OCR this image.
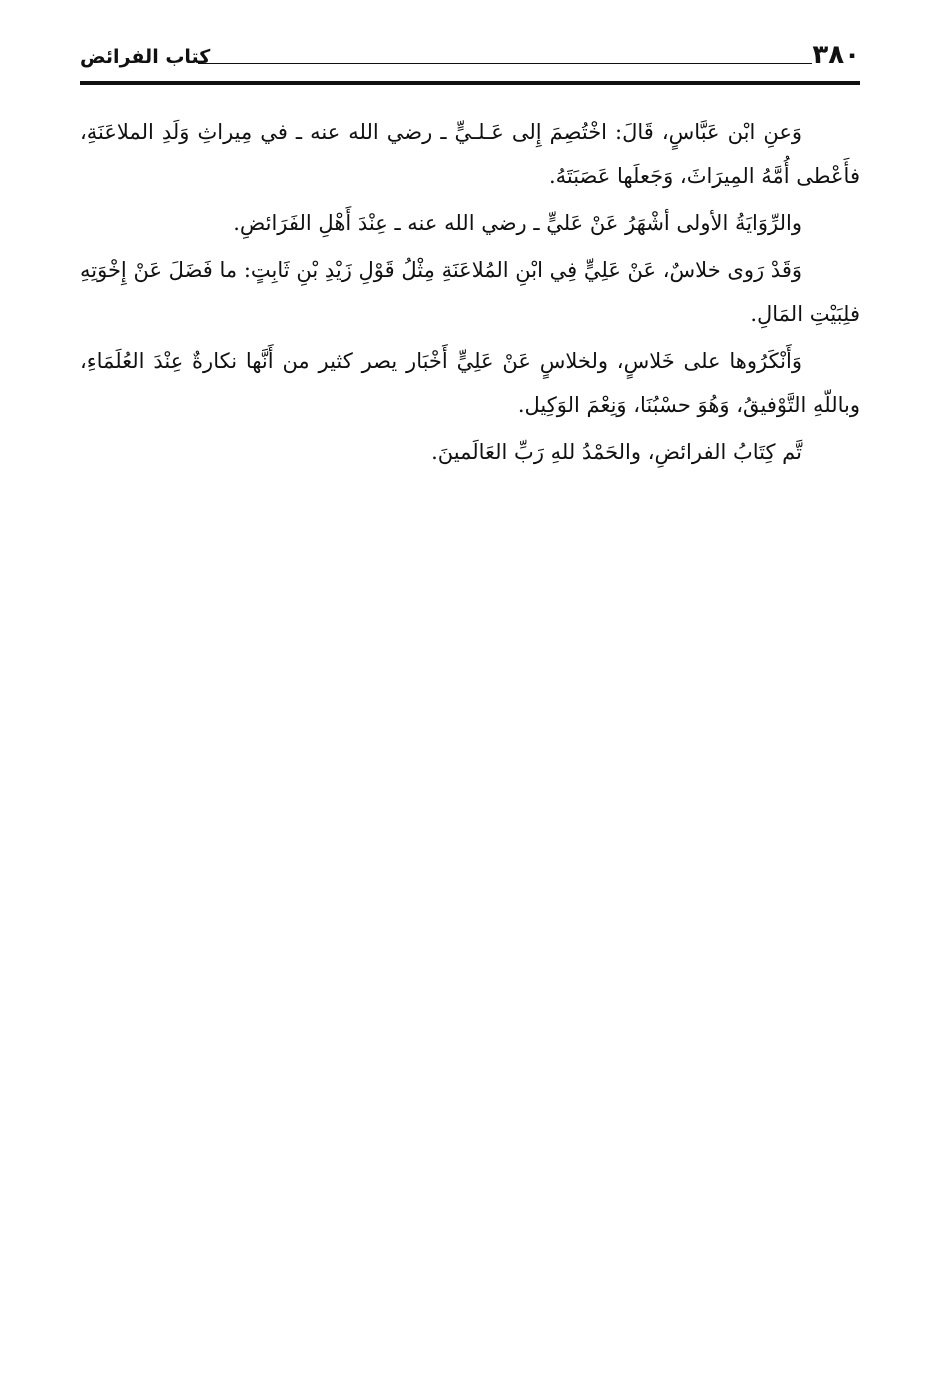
٣٨٠
كتاب الفرائض

وَعنِ ابْن عَبَّاسٍ، قَالَ: اخْتُصِمَ إِلى عَـلـيٍّ ـ رضي الله عنه ـ في مِيراثِ وَلَدِ الملاعَنَةِ، فأَعْطى أُمَّهُ المِيرَاثَ، وَجَعلَها عَصَبَتَهُ.

والرِّوَايَةُ الأولى أشْهَرُ عَنْ عَليٍّ ـ رضي الله عنه ـ عِنْدَ أَهْلِ الفَرَائضِ.

وَقَدْ رَوى خلاسٌ، عَنْ عَلِيٍّ فِي ابْنِ المُلاعَنَةِ مِثْلُ قَوْلِ زَيْدِ بْنِ ثَابِتٍ: ما فَضَلَ عَنْ إِخْوَتِهِ فلِبَيْتِ المَالِ.

وَأَنْكَرُوها على خَلاسٍ، ولخلاسٍ عَنْ عَلِيٍّ أَخْبَار يصر كثير من أَنَّها نكارةٌ عِنْدَ العُلَمَاءِ، وباللّهِ التَّوْفيقُ، وَهُوَ حسْبُنَا، وَنِعْمَ الوَكِيل.

تَّم كِتَابُ الفرائضِ، والحَمْدُ للهِ رَبِّ العَالَمينَ.
